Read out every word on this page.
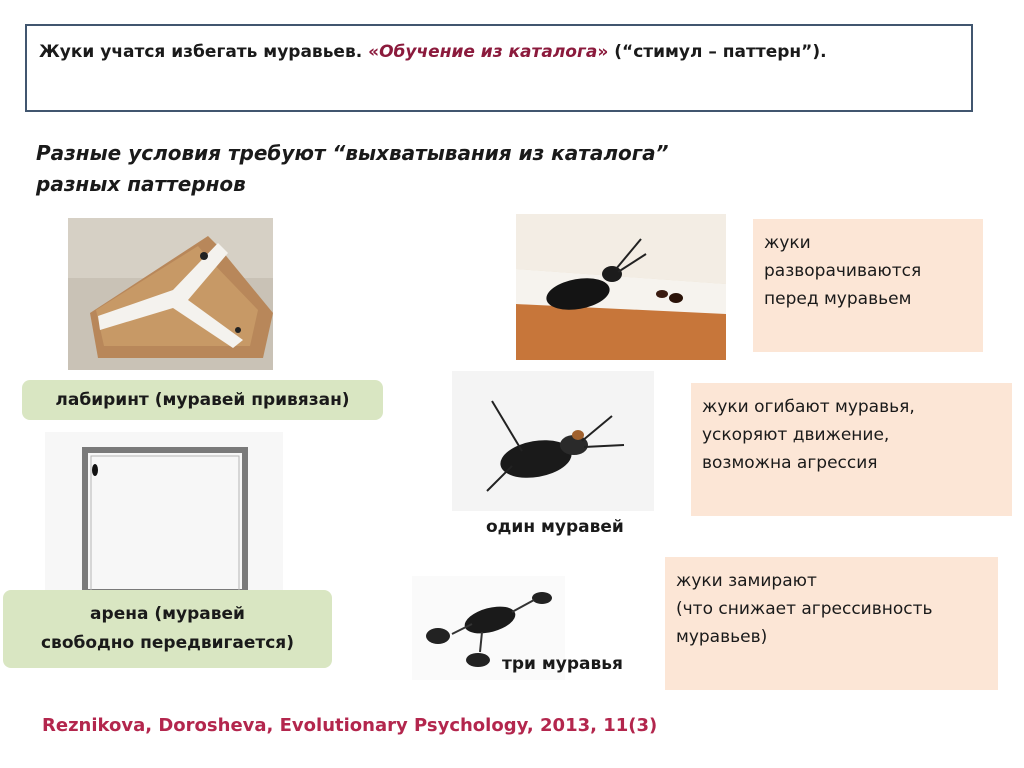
Жуки учатся избегать муравьев. «Обучение из каталога» (“стимул – паттерн”).
Разные условия требуют “выхватывания из каталога”
разных паттернов
лабиринт (муравей привязан)
арена (муравей
свободно передвигается)
жуки
разворачиваются
перед муравьем
жуки огибают муравья,
ускоряют движение,
возможна агрессия
один муравей
три муравья
жуки замирают
(что снижает агрессивность
муравьев)
Reznikova, Dorosheva, Evolutionary Psychology, 2013, 11(3)
